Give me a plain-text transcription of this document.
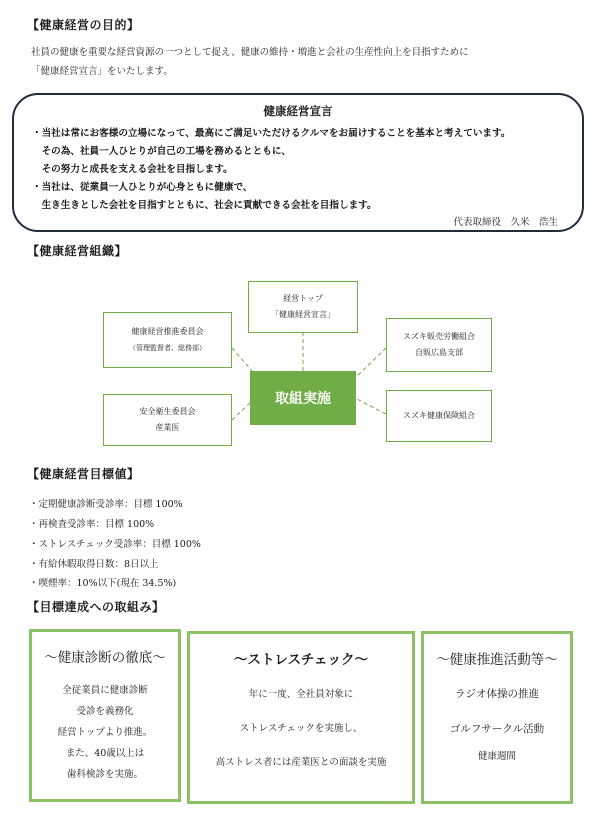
【健康経営の目的】
社員の健康を重要な経営資源の一つとして捉え、健康の維持・増進と会社の生産性向上を目指すために
「健康経営宣言」をいたします。
健康経営宣言
・当社は常にお客様の立場になって、最高にご満足いただけるクルマをお届けすることを基本と考えています。
　その為、社員一人ひとりが自己の工場を務めるとともに、
　その努力と成長を支える会社を目指します。
・当社は、従業員一人ひとりが心身ともに健康で、
　生き生きとした会社を目指すとともに、社会に貢献できる会社を目指します。
代表取締役　久米　浩生
【健康経営組織】
経営トップ
「健康経営宣言」
健康経営推進委員会
（管理監督者、総務部）
安全衛生委員会
産業医
スズキ販売労働組合
自販広島支部
スズキ健康保険組合
取組実施
【健康経営目標値】
・定期健康診断受診率：目標 100%
・再検査受診率：目標 100%
・ストレスチェック受診率：目標 100%
・有給休暇取得日数：8日以上
・喫煙率：10%以下(現在 34.5%)
【目標達成への取組み】
～健康診断の徹底～
全従業員に健康診断
受診を義務化
経営トップより推進。
また、40歳以上は
歯科検診を実施。
～ストレスチェック～
年に一度、全社員対象に
ストレスチェックを実施し、
高ストレス者には産業医との面談を実施
～健康推進活動等～
ラジオ体操の推進
ゴルフサークル活動
健康週間
